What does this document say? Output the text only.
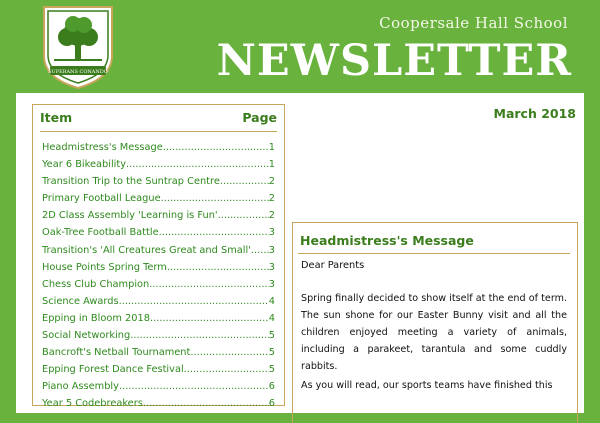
SUPERANS CONANDO
Coopersale Hall School
NEWSLETTER
Item	Page
Headmistress's Message .....	1
Year 6 Bikeability .....	1
Transition Trip to the Suntrap Centre .....	2
Primary Football League .....	2
2D Class Assembly 'Learning is Fun' .....	2
Oak-Tree Football Battle .....	3
Transition's 'All Creatures Great and Small' ..... 3
House Points Spring Term .....	3
Chess Club Champion .....	3
Science Awards .....	4
Epping in Bloom 2018 .....	4
Social Networking .....	5
Bancroft's Netball Tournament .....	5
Epping Forest Dance Festival .....	5
Piano Assembly .....	6
Year 5 Codebreakers .....	6
March 2018
Headmistress's Message
Dear Parents

Spring finally decided to show itself at the end of term. The sun shone for our Easter Bunny visit and all the children enjoyed meeting a variety of animals, including a parakeet, tarantula and some cuddly rabbits.

As you will read, our sports teams have finished this
